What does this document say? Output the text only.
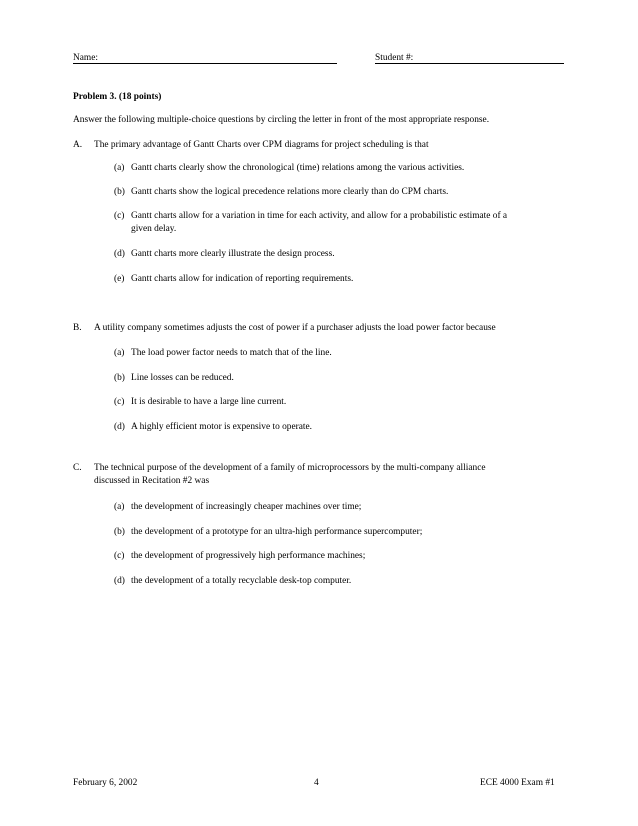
Name:	Student #:
Problem 3. (18 points)
Answer the following multiple-choice questions by circling the letter in front of the most appropriate response.
A. The primary advantage of Gantt Charts over CPM diagrams for project scheduling is that
(a) Gantt charts clearly show the chronological (time) relations among the various activities.
(b) Gantt charts show the logical precedence relations more clearly than do CPM charts.
(c) Gantt charts allow for a variation in time for each activity, and allow for a probabilistic estimate of a
given delay.
(d) Gantt charts more clearly illustrate the design process.
(e) Gantt charts allow for indication of reporting requirements.
B. A utility company sometimes adjusts the cost of power if a purchaser adjusts the load power factor because
(a) The load power factor needs to match that of the line.
(b) Line losses can be reduced.
(c) It is desirable to have a large line current.
(d) A highly efficient motor is expensive to operate.
C. The technical purpose of the development of a family of microprocessors by the multi-company alliance
discussed in Recitation #2 was
(a) the development of increasingly cheaper machines over time;
(b) the development of a prototype for an ultra-high performance supercomputer;
(c) the development of progressively high performance machines;
(d) the development of a totally recyclable desk-top computer.
February 6, 2002	4	ECE 4000 Exam #1
